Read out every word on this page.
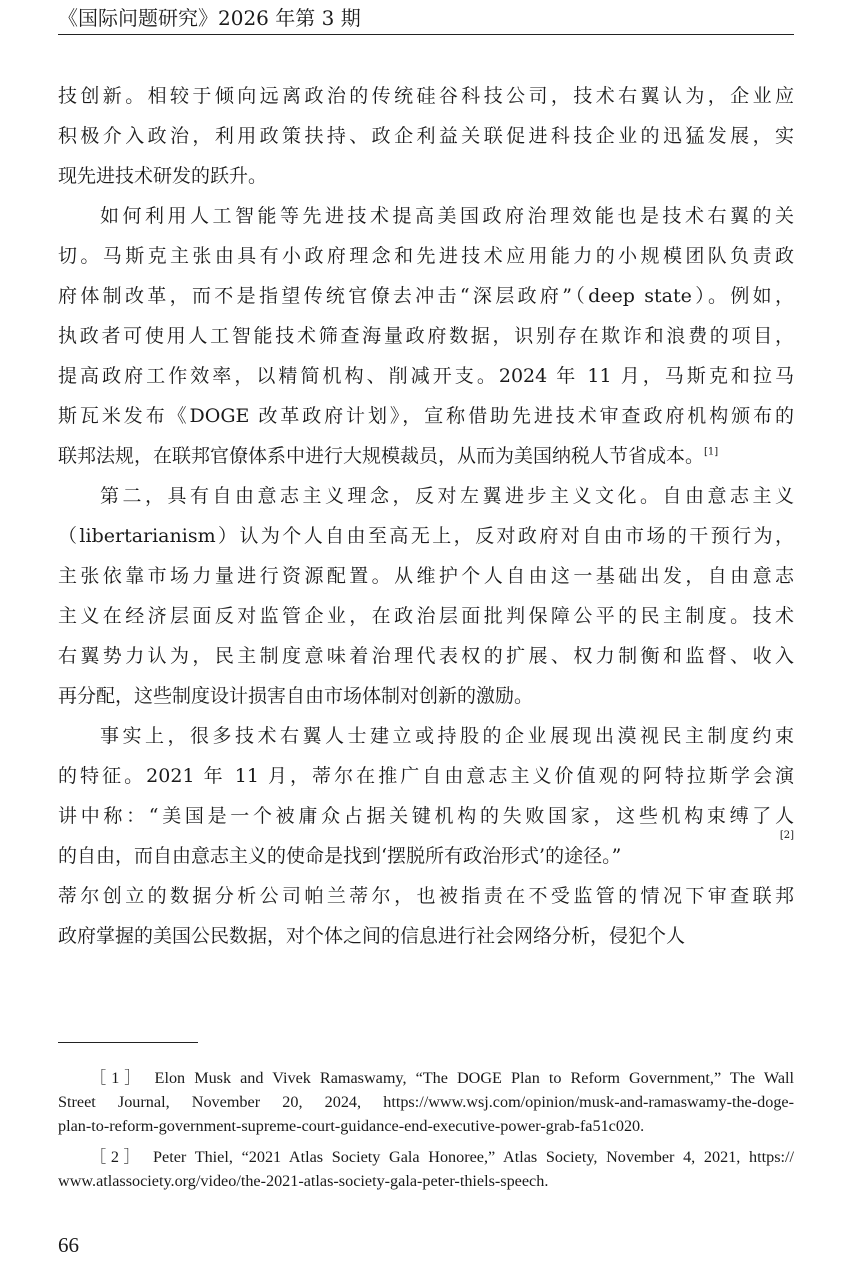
《国际问题研究》2026 年第 3 期
技创新。相较于倾向远离政治的传统硅谷科技公司，技术右翼认为，企业应
积极介入政治，利用政策扶持、政企利益关联促进科技企业的迅猛发展，实
现先进技术研发的跃升。
如何利用人工智能等先进技术提高美国政府治理效能也是技术右翼的关
切。马斯克主张由具有小政府理念和先进技术应用能力的小规模团队负责政
府体制改革，而不是指望传统官僚去冲击“深层政府”（deep state）。例如，
执政者可使用人工智能技术筛查海量政府数据，识别存在欺诈和浪费的项目，
提高政府工作效率，以精简机构、削减开支。2024 年 11 月，马斯克和拉马
斯瓦米发布《DOGE 改革政府计划》，宣称借助先进技术审查政府机构颁布的
联邦法规，在联邦官僚体系中进行大规模裁员，从而为美国纳税人节省成本。[1]
第二，具有自由意志主义理念，反对左翼进步主义文化。自由意志主义
（libertarianism）认为个人自由至高无上，反对政府对自由市场的干预行为，
主张依靠市场力量进行资源配置。从维护个人自由这一基础出发，自由意志
主义在经济层面反对监管企业，在政治层面批判保障公平的民主制度。技术
右翼势力认为，民主制度意味着治理代表权的扩展、权力制衡和监督、收入
再分配，这些制度设计损害自由市场体制对创新的激励。
事实上，很多技术右翼人士建立或持股的企业展现出漠视民主制度约束
的特征。2021 年 11 月，蒂尔在推广自由意志主义价值观的阿特拉斯学会演
讲中称：“美国是一个被庸众占据关键机构的失败国家，这些机构束缚了人
的自由，而自由意志主义的使命是找到‘摆脱所有政治形式’的途径。”
[2]
蒂尔创立的数据分析公司帕兰蒂尔，也被指责在不受监管的情况下审查联邦
政府掌握的美国公民数据，对个体之间的信息进行社会网络分析，侵犯个人
［1］ Elon Musk and Vivek Ramaswamy, “The DOGE Plan to Reform Government,” The Wall
Street Journal, November 20, 2024, https://www.wsj.com/opinion/musk-and-ramaswamy-the-doge-
plan-to-reform-government-supreme-court-guidance-end-executive-power-grab-fa51c020.
［2］ Peter Thiel, “2021 Atlas Society Gala Honoree,” Atlas Society, November 4, 2021, https://
www.atlassociety.org/video/the-2021-atlas-society-gala-peter-thiels-speech.
66
